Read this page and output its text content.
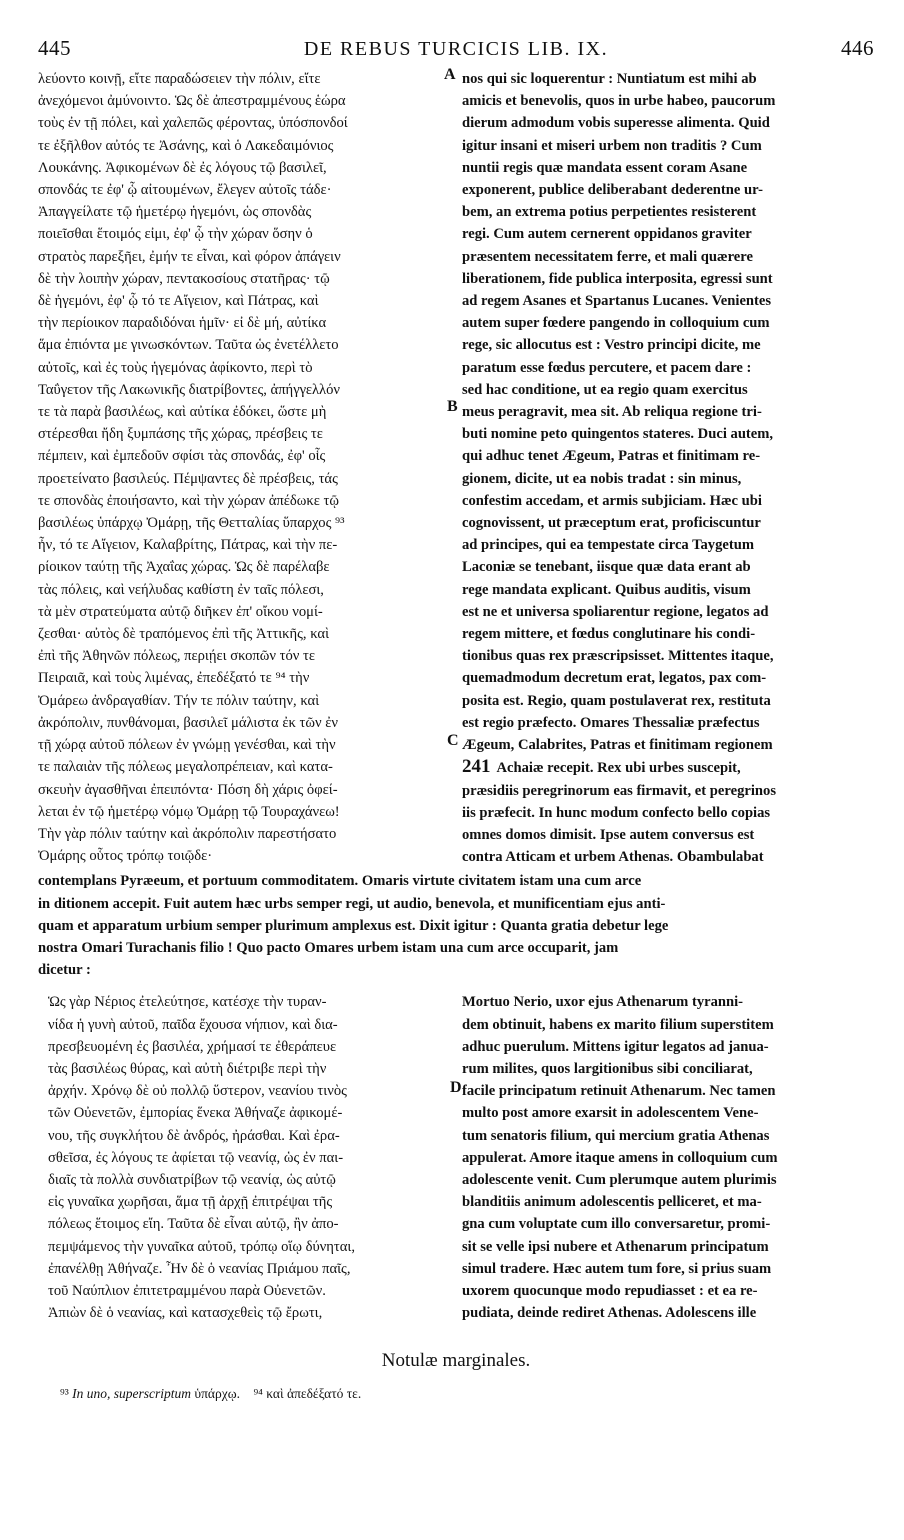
445	DE REBUS TURCICIS LIB. IX.	446
λεύοντο κοινῇ, εἴτε παραδώσειεν τὴν πόλιν, εἴτε
ἀνεχόμενοι ἀμύνοιντο. Ὡς δὲ ἀπεστραμμένους ἑώρα
τοὺς ἐν τῇ πόλει, καὶ χαλεπῶς φέροντας, ὑπόσπονδοί
τε ἐξῆλθον αὐτός τε Ἀσάνης, καὶ ὁ Λακεδαιμόνιος
Λουκάνης. Ἀφικομένων δὲ ἐς λόγους τῷ βασιλεῖ,
σπονδάς τε ἐφ' ᾧ αἰτουμένων, ἔλεγεν αὐτοῖς τάδε·
Ἀπαγγείλατε τῷ ἡμετέρῳ ἡγεμόνι, ὡς σπονδὰς
ποιεῖσθαι ἕτοιμός εἰμι, ἐφ' ᾧ τὴν χώραν ὅσην ὁ
στρατὸς παρεξῆει, ἐμήν τε εἶναι, καὶ φόρον ἀπάγειν
δὲ τὴν λοιπὴν χώραν, πεντακοσίους στατῆρας· τῷ
δὲ ἡγεμόνι, ἐφ' ᾧ τό τε Αἴγειον, καὶ Πάτρας, καὶ
τὴν περίοικον παραδιδόναι ἡμῖν· εἰ δὲ μή, αὐτίκα
ἅμα ἐπιόντα με γινωσκόντων. Ταῦτα ὡς ἐνετέλλετο
αὐτοῖς, καὶ ἐς τοὺς ἡγεμόνας ἀφίκοντο, περὶ τὸ
Ταΰγετον τῆς Λακωνικῆς διατρίβοντες, ἀπήγγελλόν
τε τὰ παρὰ βασιλέως, καὶ αὐτίκα ἐδόκει, ὥστε μὴ
στέρεσθαι ἤδη ξυμπάσης τῆς χώρας, πρέσβεις τε
πέμπειν, καὶ ἐμπεδοῦν σφίσι τὰς σπονδάς, ἐφ' οἷς
προετείνατο βασιλεύς. Πέμψαντες δὲ πρέσβεις, τάς
τε σπονδὰς ἐποιήσαντο, καὶ τὴν χώραν ἀπέδωκε τῷ
βασιλέως ὑπάρχῳ Ὀμάρῃ, τῆς Θετταλίας ὕπαρχος ⁹³
ἦν, τό τε Αἴγειον, Καλαβρίτης, Πάτρας, καὶ τὴν πε-
ρίοικον ταύτῃ τῆς Ἀχαΐας χώρας. Ὡς δὲ παρέλαβε
τὰς πόλεις, καὶ νεήλυδας καθίστη ἐν ταῖς πόλεσι,
τὰ μὲν στρατεύματα αὐτῷ διῆκεν ἐπ' οἴκου νομί-
ζεσθαι· αὐτὸς δὲ τραπόμενος ἐπὶ τῆς Ἀττικῆς, καὶ
ἐπὶ τῆς Ἀθηνῶν πόλεως, περιῄει σκοπῶν τόν τε
Πειραιᾶ, καὶ τοὺς λιμένας, ἐπεδέξατό τε ⁹⁴ τὴν
Ὀμάρεω ἀνδραγαθίαν. Τήν τε πόλιν ταύτην, καὶ
ἀκρόπολιν, πυνθάνομαι, βασιλεῖ μάλιστα ἐκ τῶν ἐν
τῇ χώρᾳ αὐτοῦ πόλεων ἐν γνώμῃ γενέσθαι, καὶ τὴν
τε παλαιὰν τῆς πόλεως μεγαλοπρέπειαν, καὶ κατα-
σκευὴν ἀγασθῆναι ἐπειπόντα· Πόση δὴ χάρις ὀφεί-
λεται ἐν τῷ ἡμετέρῳ νόμῳ Ὀμάρῃ τῷ Τουραχάνεω!
Τὴν γὰρ πόλιν ταύτην καὶ ἀκρόπολιν παρεστήσατο
Ὀμάρης οὗτος τρόπῳ τοιῷδε·
nos qui sic loquerentur : Nuntiatum est mihi ab
amicis et benevolis, quos in urbe habeo, paucorum
dierum admodum vobis superesse alimenta. Quid
igitur insani et miseri urbem non traditis ? Cum
nuntii regis quæ mandata essent coram Asane
exponerent, publice deliberabant dederentne ur-
bem, an extrema potius perpetientes resisterent
regi. Cum autem cernerent oppidanos graviter
præsentem necessitatem ferre, et mali quærere
liberationem, fide publica interposita, egressi sunt
ad regem Asanes et Spartanus Lucanes. Venientes
autem super fœdere pangendo in colloquium cum
rege, sic allocutus est : Vestro principi dicite, me
paratum esse fœdus percutere, et pacem dare :
sed hac conditione, ut ea regio quam exercitus
meus peragravit, mea sit. Ab reliqua regione tri-
buti nomine peto quingentos stateres. Duci autem,
qui adhuc tenet Ægeum, Patras et finitimam re-
gionem, dicite, ut ea nobis tradat : sin minus,
confestim accedam, et armis subjiciam. Hæc ubi
cognovissent, ut præceptum erat, proficiscuntur
ad principes, qui ea tempestate circa Taygetum
Laconiæ se tenebant, iisque quæ data erant ab
rege mandata explicant. Quibus auditis, visum
est ne et universa spoliarentur regione, legatos ad
regem mittere, et fœdus conglutinare his condi-
tionibus quas rex præscripsisset. Mittentes itaque,
quemadmodum decretum erat, legatos, pax com-
posita est. Regio, quam postulaverat rex, restituta
est regio præfecto. Omares Thessaliæ præfectus
Ægeum, Calabrites, Patras et finitimam regionem
241 Achaiæ recepit. Rex ubi urbes suscepit,
præsidiis peregrinorum eas firmavit, et peregrinos
iis præfecit. In hunc modum confecto bello copias
omnes domos dimisit. Ipse autem conversus est
contra Atticam et urbem Athenas. Obambulabat
A
B
C
contemplans Pyræeum, et portuum commoditatem. Omaris virtute civitatem istam una cum arce
in ditionem accepit. Fuit autem hæc urbs semper regi, ut audio, benevola, et munificentiam ejus anti-
quam et apparatum urbium semper plurimum amplexus est. Dixit igitur : Quanta gratia debetur lege
nostra Omari Turachanis filio ! Quo pacto Omares urbem istam una cum arce occuparit, jam
dicetur :
Ὡς γὰρ Νέριος ἐτελεύτησε, κατέσχε τὴν τυραν-
νίδα ἡ γυνὴ αὐτοῦ, παῖδα ἔχουσα νήπιον, καὶ δια-
πρεσβευομένη ἐς βασιλέα, χρήμασί τε ἐθεράπευε
τὰς βασιλέως θύρας, καὶ αὐτὴ διέτριβε περὶ τὴν
ἀρχήν. Χρόνῳ δὲ οὐ πολλῷ ὕστερον, νεανίου τινὸς
τῶν Οὐενετῶν, ἐμπορίας ἕνεκα Ἀθήναζε ἀφικομέ-
νου, τῆς συγκλήτου δὲ ἀνδρός, ἠράσθαι. Καὶ ἐρα-
σθεῖσα, ἐς λόγους τε ἀφίεται τῷ νεανίᾳ, ὡς ἐν παι-
διαῖς τὰ πολλὰ συνδιατρίβων τῷ νεανίᾳ, ὡς αὐτῷ
εἰς γυναῖκα χωρῆσαι, ἅμα τῇ ἀρχῇ ἐπιτρέψαι τῆς
πόλεως ἕτοιμος εἴη. Ταῦτα δὲ εἶναι αὐτῷ, ἢν ἀπο-
πεμψάμενος τὴν γυναῖκα αὐτοῦ, τρόπῳ οἵῳ δύνηται,
ἐπανέλθῃ Ἀθήναζε. Ἦν δὲ ὁ νεανίας Πριάμου παῖς,
τοῦ Ναύπλιον ἐπιτετραμμένου παρὰ Οὐενετῶν.
Ἀπιὼν δὲ ὁ νεανίας, καὶ κατασχεθεὶς τῷ ἔρωτι,
Mortuo Nerio, uxor ejus Athenarum tyranni-
dem obtinuit, habens ex marito filium superstitem
adhuc puerulum. Mittens igitur legatos ad janua-
rum milites, quos largitionibus sibi conciliarat,
facile principatum retinuit Athenarum. Nec tamen
multo post amore exarsit in adolescentem Vene-
tum senatoris filium, qui mercium gratia Athenas
appulerat. Amore itaque amens in colloquium cum
adolescente venit. Cum plerumque autem plurimis
blanditiis animum adolescentis pelliceret, et ma-
gna cum voluptate cum illo conversaretur, promi-
sit se velle ipsi nubere et Athenarum principatum
simul tradere. Hæc autem tum fore, si prius suam
uxorem quocunque modo repudiasset : et ea re-
pudiata, deinde rediret Athenas. Adolescens ille
D
Notulæ marginales.
⁹³ In uno, superscriptum ὑπάρχῳ. ⁹⁴ καὶ ἀπεδέξατό τε.
